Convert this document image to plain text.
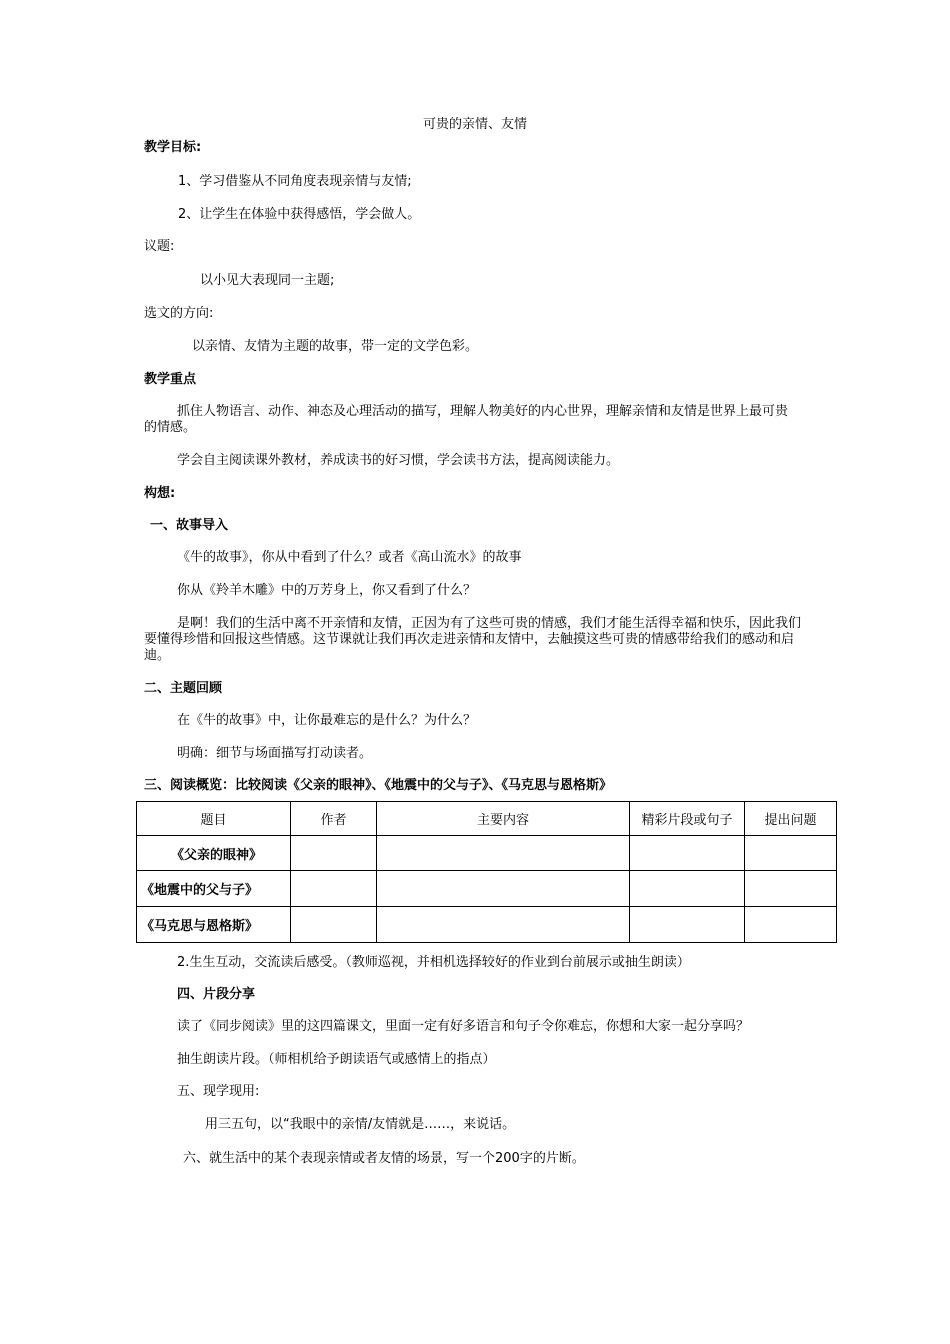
可贵的亲情、友情
教学目标:
1、学习借鉴从不同角度表现亲情与友情;
2、让学生在体验中获得感悟，学会做人。
议题:
以小见大表现同一主题;
选文的方向:
以亲情、友情为主题的故事，带一定的文学色彩。
教学重点
抓住人物语言、动作、神态及心理活动的描写，理解人物美好的内心世界，理解亲情和友情是世界上最可贵的情感。
学会自主阅读课外教材，养成读书的好习惯，学会读书方法，提高阅读能力。
构想:
一、故事导入
《牛的故事》，你从中看到了什么？或者《高山流水》的故事
你从《羚羊木雕》中的万芳身上，你又看到了什么？
是啊！我们的生活中离不开亲情和友情，正因为有了这些可贵的情感，我们才能生活得幸福和快乐，因此我们要懂得珍惜和回报这些情感。这节课就让我们再次走进亲情和友情中，去触摸这些可贵的情感带给我们的感动和启迪。
二、主题回顾
在《牛的故事》中，让你最难忘的是什么？为什么？
明确：细节与场面描写打动读者。
三、阅读概览：比较阅读《父亲的眼神》、《地震中的父与子》、《马克思与恩格斯》
题目	作者	主要内容	精彩片段或句子	提出问题
《父亲的眼神》				
《地震中的父与子》				
《马克思与恩格斯》				
2.生生互动，交流读后感受。（教师巡视，并相机选择较好的作业到台前展示或抽生朗读）
四、片段分享
读了《同步阅读》里的这四篇课文，里面一定有好多语言和句子令你难忘，你想和大家一起分享吗？
抽生朗读片段。（师相机给予朗读语气或感情上的指点）
五、现学现用:
用三五句，以“我眼中的亲情/友情就是……，来说话。
六、就生活中的某个表现亲情或者友情的场景，写一个200字的片断。
